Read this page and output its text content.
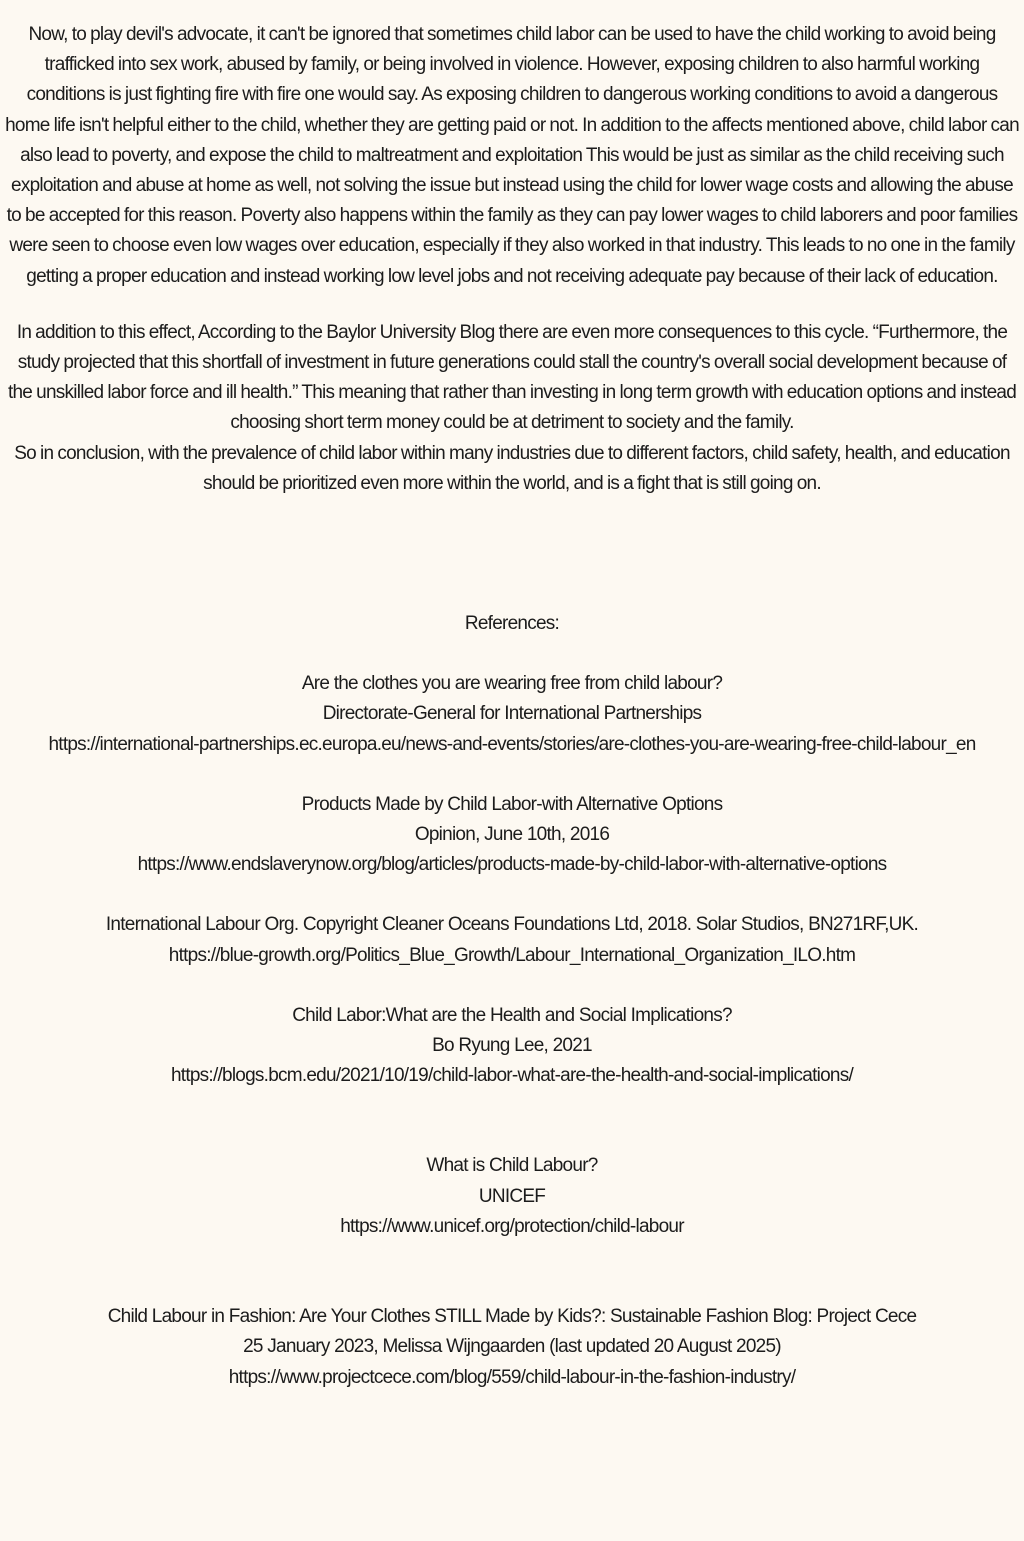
Now, to play devil's advocate, it can't be ignored that sometimes child labor can be used to have the child working to avoid being trafficked into sex work, abused by family, or being involved in violence. However, exposing children to also harmful working conditions is just fighting fire with fire one would say. As exposing children to dangerous working conditions to avoid a dangerous home life isn't helpful either to the child, whether they are getting paid or not. In addition to the affects mentioned above, child labor can also lead to poverty, and expose the child to maltreatment and exploitation This would be just as similar as the child receiving such exploitation and abuse at home as well, not solving the issue but instead using the child for lower wage costs and allowing the abuse to be accepted for this reason. Poverty also happens within the family as they can pay lower wages to child laborers and poor families were seen to choose even low wages over education, especially if they also worked in that industry. This leads to no one in the family getting a proper education and instead working low level jobs and not receiving adequate pay because of their lack of education.

In addition to this effect, According to the Baylor University Blog there are even more consequences to this cycle. “Furthermore, the study projected that this shortfall of investment in future generations could stall the country's overall social development because of the unskilled labor force and ill health.” This meaning that rather than investing in long term growth with education options and instead choosing short term money could be at detriment to society and the family.

So in conclusion, with the prevalence of child labor within many industries due to different factors, child safety, health, and education should be prioritized even more within the world, and is a fight that is still going on.

References:

Are the clothes you are wearing free from child labour?
Directorate-General for International Partnerships
https://international-partnerships.ec.europa.eu/news-and-events/stories/are-clothes-you-are-wearing-free-child-labour_en
Products Made by Child Labor-with Alternative Options
Opinion, June 10th, 2016
https://www.endslaverynow.org/blog/articles/products-made-by-child-labor-with-alternative-options
International Labour Org. Copyright Cleaner Oceans Foundations Ltd, 2018. Solar Studios, BN271RF,UK.
https://blue-growth.org/Politics_Blue_Growth/Labour_International_Organization_ILO.htm
Child Labor:What are the Health and Social Implications?
Bo Ryung Lee, 2021
https://blogs.bcm.edu/2021/10/19/child-labor-what-are-the-health-and-social-implications/
What is Child Labour?
UNICEF
https://www.unicef.org/protection/child-labour
Child Labour in Fashion: Are Your Clothes STILL Made by Kids?: Sustainable Fashion Blog: Project Cece
25 January 2023, Melissa Wijngaarden (last updated 20 August 2025)
https://www.projectcece.com/blog/559/child-labour-in-the-fashion-industry/
